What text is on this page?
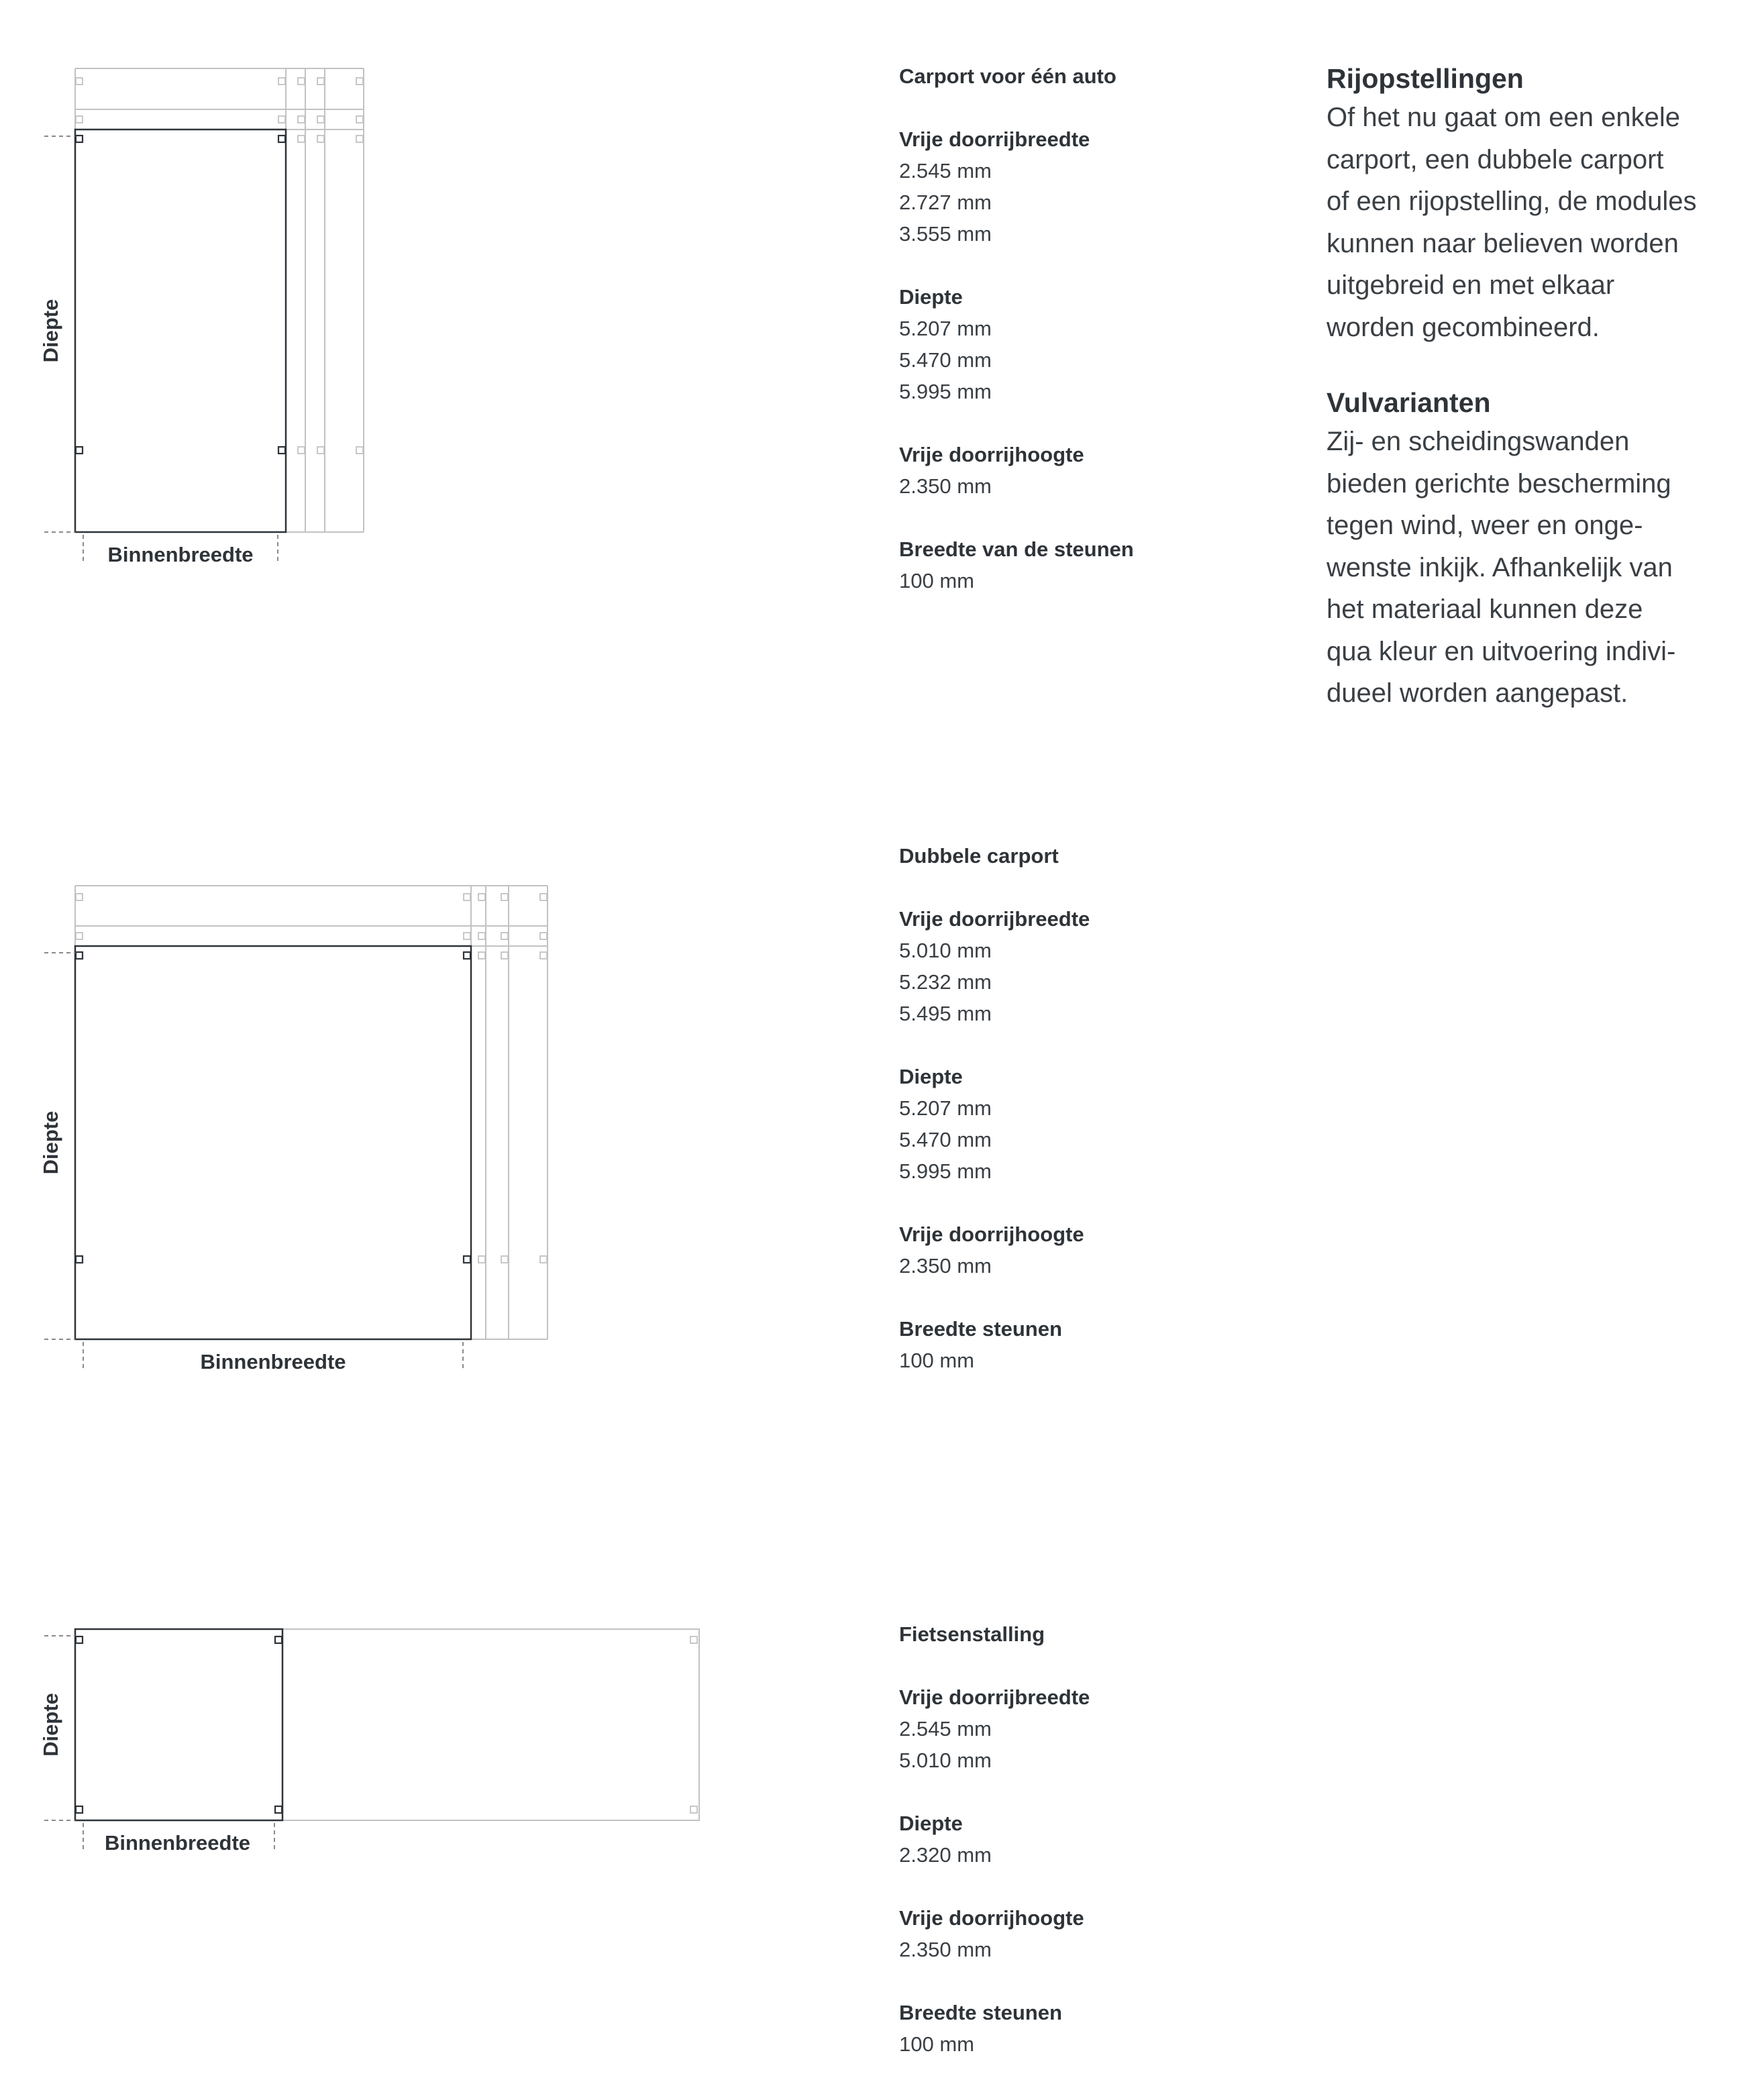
Diepte
Binnenbreedte
Diepte
Binnenbreedte
Diepte
Binnenbreedte
Carport voor één auto
Vrije doorrijbreedte
2.545 mm
2.727 mm
3.555 mm
Diepte
5.207 mm
5.470 mm
5.995 mm
Vrije doorrijhoogte
2.350 mm
Breedte van de steunen
100 mm
Dubbele carport
Vrije doorrijbreedte
5.010 mm
5.232 mm
5.495 mm
Diepte
5.207 mm
5.470 mm
5.995 mm
Vrije doorrijhoogte
2.350 mm
Breedte steunen
100 mm
Fietsenstalling
Vrije doorrijbreedte
2.545 mm
5.010 mm
Diepte
2.320 mm
Vrije doorrijhoogte
2.350 mm
Breedte steunen
100 mm
Rijopstellingen

Of het nu gaat om een enkele

carport, een dubbele carport

of een rijopstelling, de modules

kunnen naar believen worden

uitgebreid en met elkaar

worden gecombineerd.

Vulvarianten

Zij- en scheidingswanden

bieden gerichte bescherming

tegen wind, weer en onge-

wenste inkijk. Afhankelijk van

het materiaal kunnen deze

qua kleur en uitvoering indivi-

dueel worden aangepast.
